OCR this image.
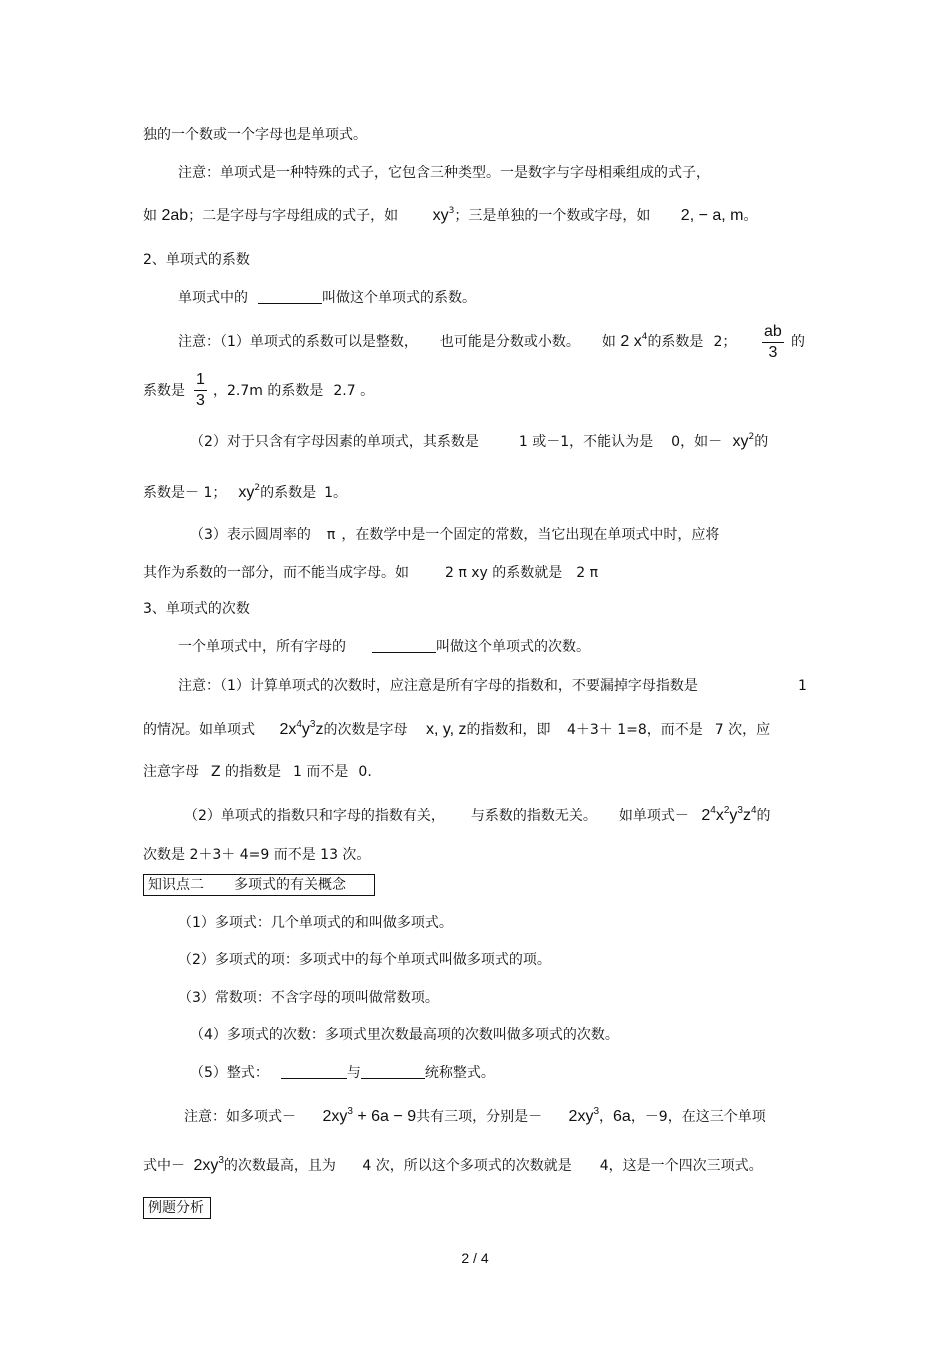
独的一个数或一个字母也是单项式。
注意：单项式是一种特殊的式子，它包含三种类型。一是数字与字母相乘组成的式子，
如 2ab；二是字母与字母组成的式子，如 $xy^3$；三是单独的一个数或字母，如 2, − a, m。
2、单项式的系数
单项式中的	叫做这个单项式的系数。
注意：（1）单项式的系数可以是整数， 也可能是分数或小数。 如 2 $x^4$的系数是 2； $\frac{ab}{3}$ 的
系数是 $\frac{1}{3}$ ，2.7m 的系数是 2.7 。
（2）对于只含有字母因素的单项式，其系数是	1 或－1，不能认为是 0，如－ $xy^2$的
系数是－ 1； $xy^2$的系数是 1。
（3）表示圆周率的 π ，在数学中是一个固定的常数，当它出现在单项式中时，应将
其作为系数的一部分，而不能当成字母。如	2 π xy 的系数就是 2 π
3、单项式的次数
一个单项式中，所有字母的	叫做这个单项式的次数。
注意：（1）计算单项式的次数时，应注意是所有字母的指数和，不要漏掉字母指数是	1
的情况。如单项式 $2x^4y^3z$的次数是字母 x, y, z的指数和，即 4＋3＋ 1=8，而不是 7 次，应
注意字母 Z 的指数是 1 而不是 0.
（2）单项式的指数只和字母的指数有关， 与系数的指数无关。 如单项式－ $2^4x^2y^3z^4$的
次数是 2＋3＋ 4=9 而不是 13 次。
知识点二 多项式的有关概念
（1）多项式：几个单项式的和叫做多项式。
（2）多项式的项：多项式中的每个单项式叫做多项式的项。
（3）常数项：不含字母的项叫做常数项。
（4）多项式的次数：多项式里次数最高项的次数叫做多项式的次数。
（5）整式：	与	统称整式。
注意：如多项式－ $2xy^3 + 6a - 9$共有三项，分别是－ $2xy^3$，6a，－9，在这三个单项
式中－ $2xy^3$的次数最高，且为 4 次，所以这个多项式的次数就是 4，这是一个四次三项式。
例题分析
2 / 4
